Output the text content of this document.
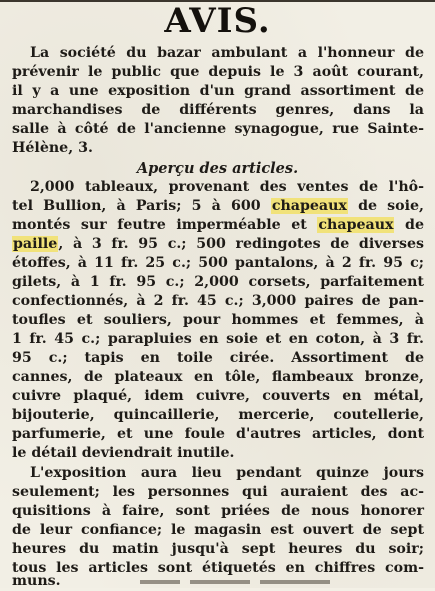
AVIS.
La société du bazar ambulant a l'honneur de
prévenir le public que depuis le 3 août courant,
il y a une exposition d'un grand assortiment de
marchandises de différents genres, dans la
salle à côté de l'ancienne synagogue, rue Sainte-
Hélène, 3.
Aperçu des articles.
2,000 tableaux, provenant des ventes de l'hô-
tel Bullion, à Paris; 5 à 600 chapeaux de soie,
montés sur feutre imperméable et chapeaux de
paille, à 3 fr. 95 c.; 500 redingotes de diverses
étoffes, à 11 fr. 25 c.; 500 pantalons, à 2 fr. 95 c;
gilets, à 1 fr. 95 c.; 2,000 corsets, parfaitement
confectionnés, à 2 fr. 45 c.; 3,000 paires de pan-
toufles et souliers, pour hommes et femmes, à
1 fr. 45 c.; parapluies en soie et en coton, à 3 fr.
95 c.; tapis en toile cirée. Assortiment de
cannes, de plateaux en tôle, flambeaux bronze,
cuivre plaqué, idem cuivre, couverts en métal,
bijouterie, quincaillerie, mercerie, coutellerie,
parfumerie, et une foule d'autres articles, dont
le détail deviendrait inutile.
L'exposition aura lieu pendant quinze jours
seulement; les personnes qui auraient des ac-
quisitions à faire, sont priées de nous honorer
de leur confiance; le magasin est ouvert de sept
heures du matin jusqu'à sept heures du soir;
tous les articles sont étiquetés en chiffres com-
muns.
